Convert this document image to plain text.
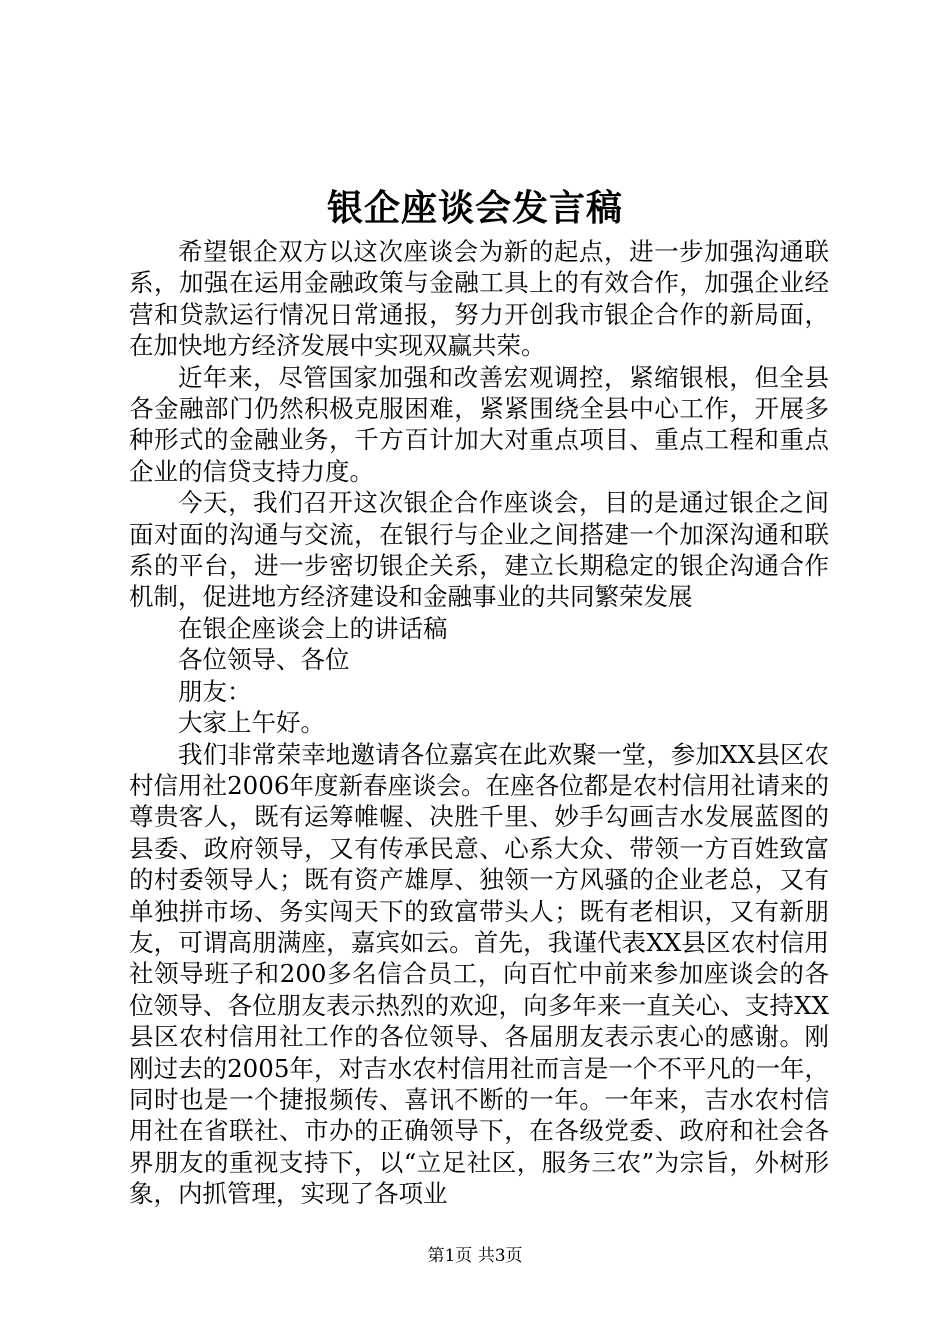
银企座谈会发言稿

希望银企双方以这次座谈会为新的起点，进一步加强沟通联系，加强在运用金融政策与金融工具上的有效合作，加强企业经营和贷款运行情况日常通报，努力开创我市银企合作的新局面，在加快地方经济发展中实现双赢共荣。

近年来，尽管国家加强和改善宏观调控，紧缩银根，但全县各金融部门仍然积极克服困难，紧紧围绕全县中心工作，开展多种形式的金融业务，千方百计加大对重点项目、重点工程和重点企业的信贷支持力度。

今天，我们召开这次银企合作座谈会，目的是通过银企之间面对面的沟通与交流，在银行与企业之间搭建一个加深沟通和联系的平台，进一步密切银企关系，建立长期稳定的银企沟通合作机制，促进地方经济建设和金融事业的共同繁荣发展

在银企座谈会上的讲话稿

各位领导、各位

朋友：

大家上午好。

我们非常荣幸地邀请各位嘉宾在此欢聚一堂，参加XX县区农村信用社2006年度新春座谈会。在座各位都是农村信用社请来的尊贵客人，既有运筹帷幄、决胜千里、妙手勾画吉水发展蓝图的县委、政府领导，又有传承民意、心系大众、带领一方百姓致富的村委领导人；既有资产雄厚、独领一方风骚的企业老总，又有单独拼市场、务实闯天下的致富带头人；既有老相识，又有新朋友，可谓高朋满座，嘉宾如云。首先，我谨代表XX县区农村信用社领导班子和200多名信合员工，向百忙中前来参加座谈会的各位领导、各位朋友表示热烈的欢迎，向多年来一直关心、支持XX县区农村信用社工作的各位领导、各届朋友表示衷心的感谢。刚刚过去的2005年，对吉水农村信用社而言是一个不平凡的一年，同时也是一个捷报频传、喜讯不断的一年。一年来，吉水农村信用社在省联社、市办的正确领导下，在各级党委、政府和社会各界朋友的重视支持下，以“立足社区，服务三农”为宗旨，外树形象，内抓管理，实现了各项业

第1页 共3页
